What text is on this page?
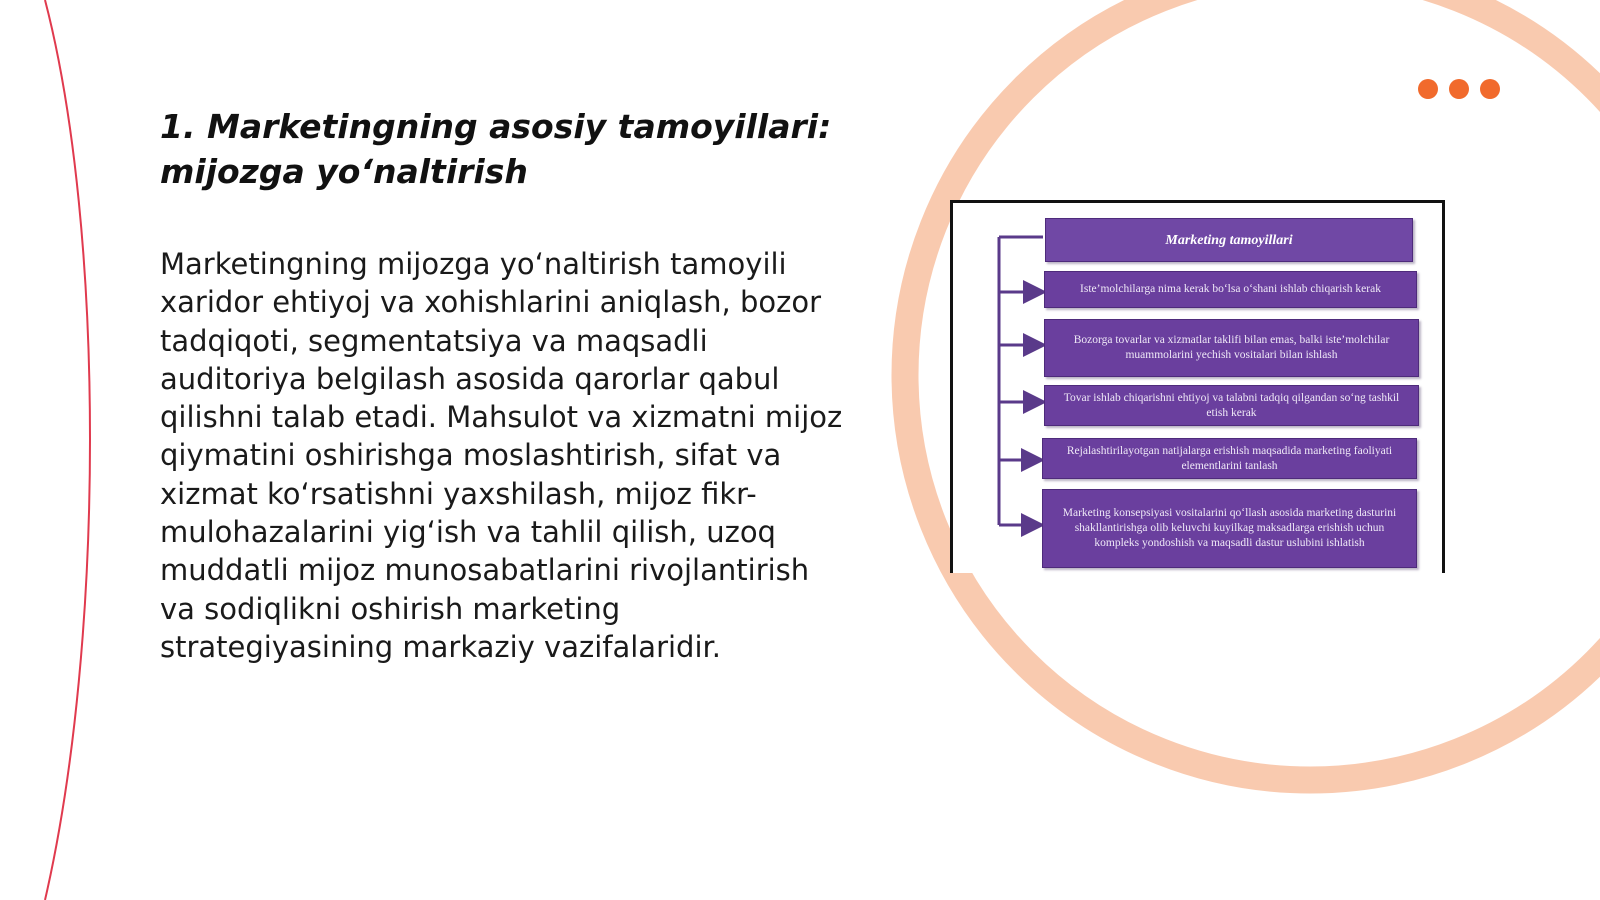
1. Marketingning asosiy tamoyillari: mijozga yo‘naltirish

Marketingning mijozga yo‘naltirish tamoyili xaridor ehtiyoj va xohishlarini aniqlash, bozor tadqiqoti, segmentatsiya va maqsadli auditoriya belgilash asosida qarorlar qabul qilishni talab etadi. Mahsulot va xizmatni mijoz qiymatini oshirishga moslashtirish, sifat va xizmat ko‘rsatishni yaxshilash, mijoz fikr-mulohazalarini yig‘ish va tahlil qilish, uzoq muddatli mijoz munosabatlarini rivojlantirish va sodiqlikni oshirish marketing strategiyasining markaziy vazifalaridir.

Marketing tamoyillari
Iste’molchilarga nima kerak bo‘lsa o‘shani ishlab chiqarish kerak
Bozorga tovarlar va xizmatlar taklifi bilan emas, balki iste’molchilar muammolarini yechish vositalari bilan ishlash
Tovar ishlab chiqarishni ehtiyoj va talabni tadqiq qilgandan so‘ng tashkil etish kerak
Rejalashtirilayotgan natijalarga erishish maqsadida marketing faoliyati elementlarini tanlash
Marketing konsepsiyasi vositalarini qo‘llash asosida marketing dasturini shakllantirishga olib keluvchi kuyilkag maksadlarga erishish uchun kompleks yondoshish va maqsadli dastur uslubini ishlatish
